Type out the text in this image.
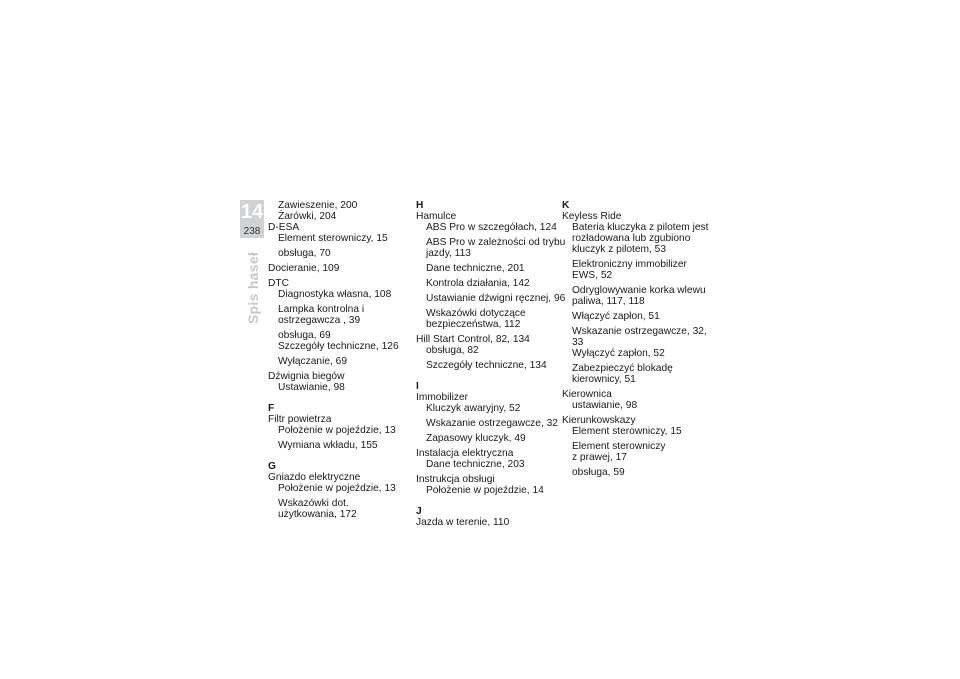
14
238
Spis haseł
Zawieszenie, 200
Żarówki, 204
D-ESA
Element sterowniczy, 15
obsługa, 70
Docieranie, 109
DTC
Diagnostyka własna, 108
Lampka kontrolna i
ostrzegawcza , 39
obsługa, 69
Szczegóły techniczne, 126
Wyłączanie, 69
Dźwignia biegów
Ustawianie, 98
F
Filtr powietrza
Położenie w pojeździe, 13
Wymiana wkładu, 155
G
Gniazdo elektryczne
Położenie w pojeździe, 13
Wskazówki dot.
użytkowania, 172
H
Hamulce
ABS Pro w szczegółach, 124
ABS Pro w zależności od trybu
jazdy, 113
Dane techniczne, 201
Kontrola działania, 142
Ustawianie dźwigni ręcznej, 96
Wskazówki dotyczące
bezpieczeństwa, 112
Hill Start Control, 82, 134
obsługa, 82
Szczegóły techniczne, 134
I
Immobilizer
Kluczyk awaryjny, 52
Wskazanie ostrzegawcze, 32
Zapasowy kluczyk, 49
Instalacja elektryczna
Dane techniczne, 203
Instrukcja obsługi
Położenie w pojeździe, 14
J
Jazda w terenie, 110
K
Keyless Ride
Bateria kluczyka z pilotem jest
rozładowana lub zgubiono
kluczyk z pilotem, 53
Elektroniczny immobilizer
EWS, 52
Odryglowywanie korka wlewu
paliwa, 117, 118
Włączyć zapłon, 51
Wskazanie ostrzegawcze, 32,
33
Wyłączyć zapłon, 52
Zabezpieczyć blokadę
kierownicy, 51
Kierownica
ustawianie, 98
Kierunkowskazy
Element sterowniczy, 15
Element sterowniczy
z prawej, 17
obsługa, 59
